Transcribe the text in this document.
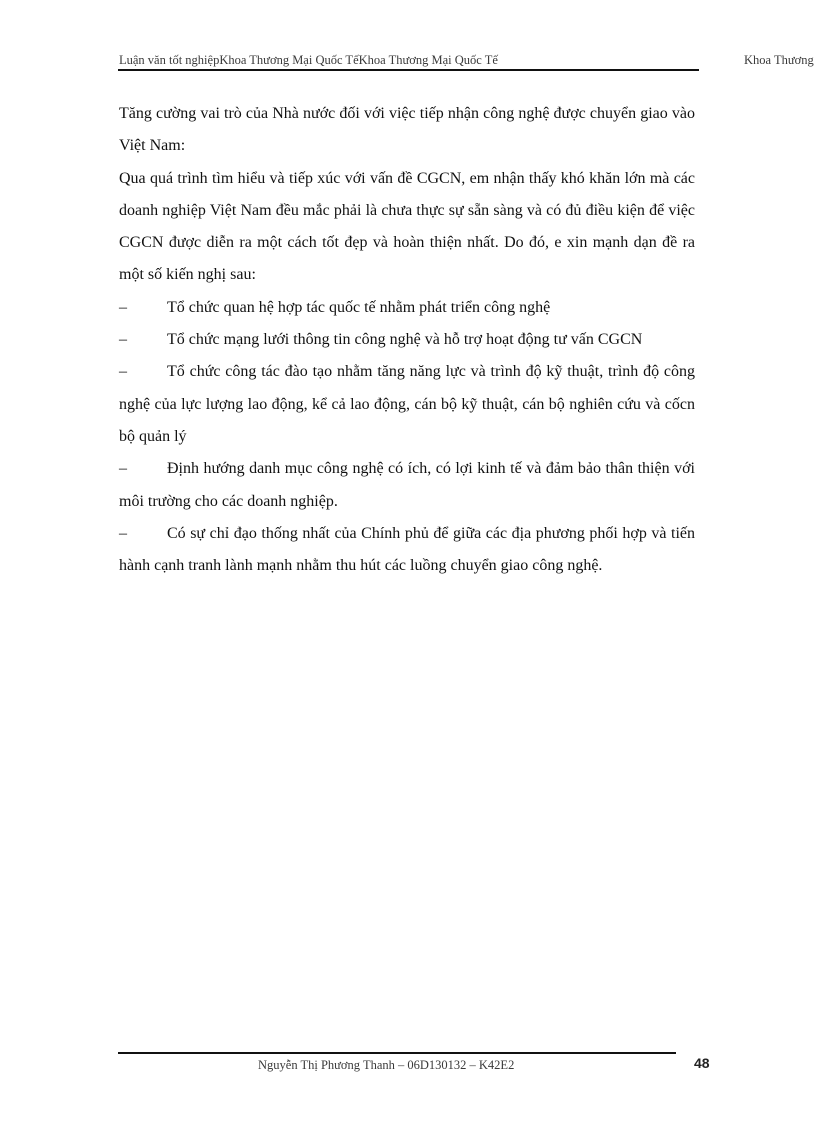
Luận văn tốt nghiệpKhoa Thương Mại Quốc TếKhoa Thương Mại Quốc Tế	Khoa Thương

Tăng cường vai trò của Nhà nước đối với việc tiếp nhận công nghệ được chuyển giao vào Việt Nam:

Qua quá trình tìm hiểu và tiếp xúc với vấn đề CGCN, em nhận thấy khó khăn lớn mà các doanh nghiệp Việt Nam đều mắc phải là chưa thực sự sẵn sàng và có đủ điều kiện để việc CGCN được diễn ra một cách tốt đẹp và hoàn thiện nhất. Do đó, e xin mạnh dạn đề ra một số kiến nghị sau:

–	Tổ chức quan hệ hợp tác quốc tế nhằm phát triển công nghệ

–	Tổ chức mạng lưới thông tin công nghệ và hỗ trợ hoạt động tư vấn CGCN

–	Tổ chức công tác đào tạo nhằm tăng năng lực và trình độ kỹ thuật, trình độ công nghệ của lực lượng lao động, kể cả lao động, cán bộ kỹ thuật, cán bộ nghiên cứu và cốcn bộ quản lý

–	Định hướng danh mục công nghệ có ích, có lợi kinh tế và đảm bảo thân thiện với môi trường cho các doanh nghiệp.

–	Có sự chỉ đạo thống nhất của Chính phủ để giữa các địa phương phối hợp và tiến hành cạnh tranh lành mạnh nhằm thu hút các luồng chuyển giao công nghệ.

Nguyễn Thị Phương Thanh – 06D130132 – K42E2	48
